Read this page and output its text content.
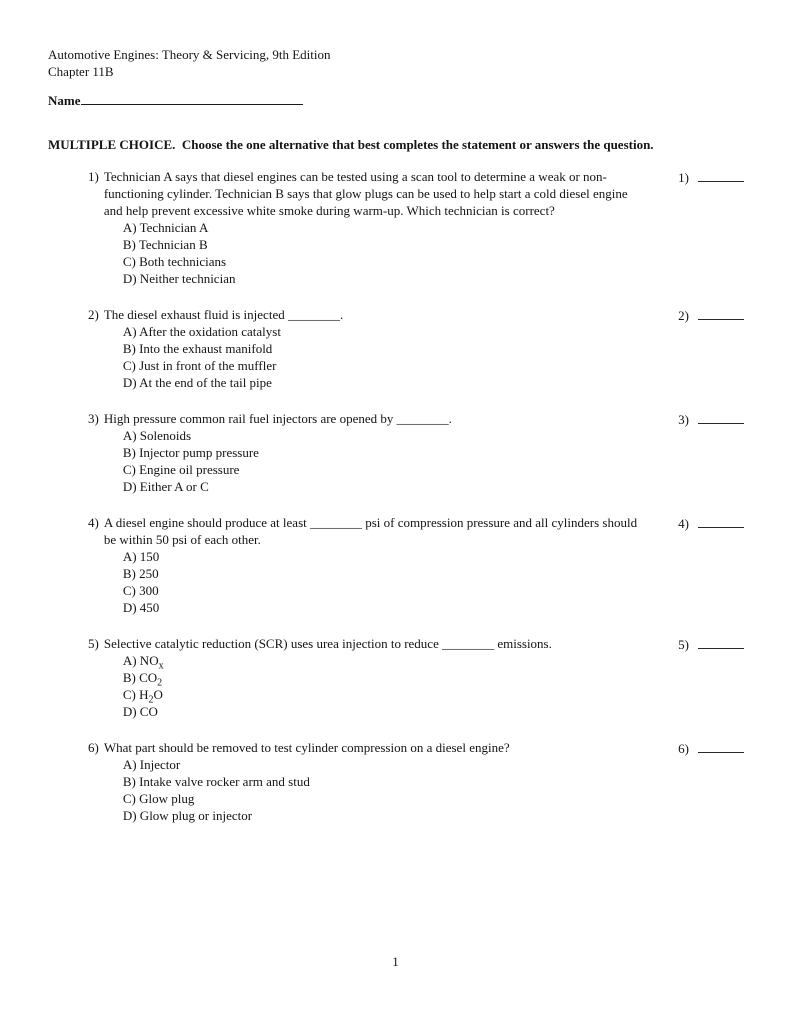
Automotive Engines: Theory & Servicing, 9th Edition
Chapter 11B
Name
MULTIPLE CHOICE.  Choose the one alternative that best completes the statement or answers the question.
1) Technician A says that diesel engines can be tested using a scan tool to determine a weak or non-functioning cylinder. Technician B says that glow plugs can be used to help start a cold diesel engine and help prevent excessive white smoke during warm-up. Which technician is correct?

A) Technician A
B) Technician B
C) Both technicians
D) Neither technician
1)
2) The diesel exhaust fluid is injected ________.

A) After the oxidation catalyst
B) Into the exhaust manifold
C) Just in front of the muffler
D) At the end of the tail pipe
2)
3) High pressure common rail fuel injectors are opened by ________.

A) Solenoids
B) Injector pump pressure
C) Engine oil pressure
D) Either A or C
3)
4) A diesel engine should produce at least ________ psi of compression pressure and all cylinders should be within 50 psi of each other.

A) 150
B) 250
C) 300
D) 450
4)
5) Selective catalytic reduction (SCR) uses urea injection to reduce ________ emissions.

A) $NO_x$
B) $CO_2$
C) $H_2O$
D) CO
5)
6) What part should be removed to test cylinder compression on a diesel engine?

A) Injector
B) Intake valve rocker arm and stud
C) Glow plug
D) Glow plug or injector
6)
1
